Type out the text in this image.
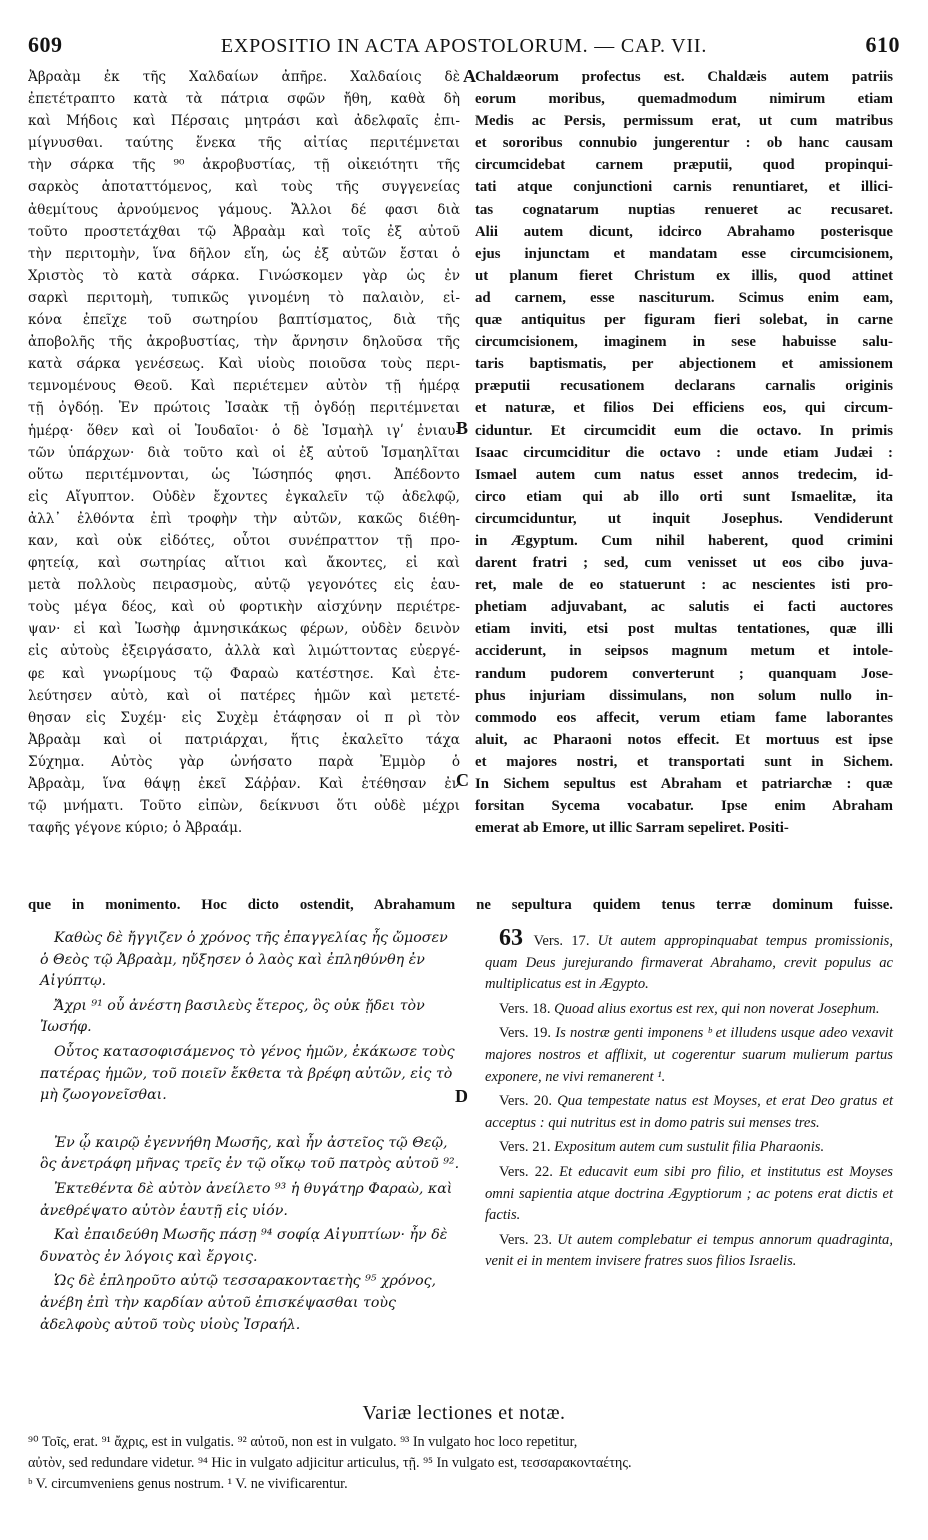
609	EXPOSITIO IN ACTA APOSTOLORUM. — CAP. VII.	610
Ἀβραὰμ ἐκ τῆς Χαλδαίων ἀπῆρε. Χαλδαίοις δὲ
ἐπετέτραπτο κατὰ τὰ πάτρια σφῶν ἤθη, καθὰ δὴ
καὶ Μήδοις καὶ Πέρσαις μητράσι καὶ ἀδελφαῖς ἐπι-
μίγνυσθαι. ταύτης ἕνεκα τῆς αἰτίας περιτέμνεται
τὴν σάρκα τῆς ⁹⁰ ἀκροβυστίας, τῇ οἰκειότητι τῆς
σαρκὸς ἀποταττόμενος, καὶ τοὺς τῆς συγγενείας
ἀθεμίτους ἀρνούμενος γάμους. Ἄλλοι δέ φασι διὰ
τοῦτο προστετάχθαι τῷ Ἀβραὰμ καὶ τοῖς ἐξ αὐτοῦ
τὴν περιτομὴν, ἵνα δῆλον εἴη, ὡς ἐξ αὐτῶν ἔσται ὁ
Χριστὸς τὸ κατὰ σάρκα. Γινώσκομεν γὰρ ὡς ἐν
σαρκὶ περιτομὴ, τυπικῶς γινομένη τὸ παλαιὸν, εἰ-
κόνα ἐπεῖχε τοῦ σωτηρίου βαπτίσματος, διὰ τῆς
ἀποβολῆς τῆς ἀκροβυστίας, τὴν ἄρνησιν δηλοῦσα τῆς
κατὰ σάρκα γενέσεως. Καὶ υἱοὺς ποιοῦσα τοὺς περι-
τεμνομένους Θεοῦ. Καὶ περιέτεμεν αὐτὸν τῇ ἡμέρᾳ
τῇ ὀγδόῃ. Ἐν πρώτοις Ἰσαὰκ τῇ ὀγδόῃ περιτέμνεται
ἡμέρᾳ· ὅθεν καὶ οἱ Ἰουδαῖοι· ὁ δὲ Ἰσμαὴλ ιγʹ ἐνιαυ-
τῶν ὑπάρχων· διὰ τοῦτο καὶ οἱ ἐξ αὐτοῦ Ἰσμαηλῖται
οὕτω περιτέμνονται, ὡς Ἰώσηπός φησι. Ἀπέδοντο
εἰς Αἴγυπτον. Οὐδὲν ἔχοντες ἐγκαλεῖν τῷ ἀδελφῷ,
ἀλλ᾽ ἐλθόντα ἐπὶ τροφὴν τὴν αὐτῶν, κακῶς διέθη-
καν, καὶ οὐκ εἰδότες, οὗτοι συνέπραττον τῇ προ-
φητείᾳ, καὶ σωτηρίας αἴτιοι καὶ ἄκοντες, εἰ καὶ
μετὰ πολλοὺς πειρασμοὺς, αὐτῷ γεγονότες εἰς ἑαυ-
τοὺς μέγα δέος, καὶ οὐ φορτικὴν αἰσχύνην περιέτρε-
ψαν· εἰ καὶ Ἰωσὴφ ἀμνησικάκως φέρων, οὐδὲν δεινὸν
εἰς αὐτοὺς ἐξειργάσατο, ἀλλὰ καὶ λιμώττοντας εὐεργέ-
φε καὶ γνωρίμους τῷ Φαραὼ κατέστησε. Καὶ ἐτε-
λεύτησεν αὐτὸ, καὶ οἱ πατέρες ἡμῶν καὶ μετετέ-
θησαν εἰς Συχέμ· εἰς Συχὲμ ἐτάφησαν οἱ π ρὶ τὸν
Ἀβραὰμ καὶ οἱ πατριάρχαι, ἥτις ἐκαλεῖτο τάχα
Σύχημα. Αὐτὸς γὰρ ὠνήσατο παρὰ Ἐμμὸρ ὁ
Ἀβραὰμ, ἵνα θάψῃ ἐκεῖ Σάῤῥαν. Καὶ ἐτέθησαν ἐν
τῷ μνήματι. Τοῦτο εἰπὼν, δείκνυσι ὅτι οὐδὲ μέχρι
ταφῆς γέγονε κύριο; ὁ Ἀβραάμ.
Chaldæorum profectus est. Chaldæis autem patriis
eorum moribus, quemadmodum nimirum etiam
Medis ac Persis, permissum erat, ut cum matribus
et sororibus connubio jungerentur : ob hanc causam
circumcidebat carnem præputii, quod propinqui-
tati atque conjunctioni carnis renuntiaret, et illici-
tas cognatarum nuptias renueret ac recusaret.
Alii autem dicunt, idcirco Abrahamo posterisque
ejus injunctam et mandatam esse circumcisionem,
ut planum fieret Christum ex illis, quod attinet
ad carnem, esse nasciturum. Scimus enim eam,
quæ antiquitus per figuram fieri solebat, in carne
circumcisionem, imaginem in sese habuisse salu-
taris baptismatis, per abjectionem et amissionem
præputii recusationem declarans carnalis originis
et naturæ, et filios Dei efficiens eos, qui circum-
ciduntur. Et circumcidit eum die octavo. In primis
Isaac circumciditur die octavo : unde etiam Judæi :
Ismael autem cum natus esset annos tredecim, id-
circo etiam qui ab illo orti sunt Ismaelitæ, ita
circumciduntur, ut inquit Josephus. Vendiderunt
in Ægyptum. Cum nihil haberent, quod crimini
darent fratri ; sed, cum venisset ut eos cibo juva-
ret, male de eo statuerunt : ac nescientes isti pro-
phetiam adjuvabant, ac salutis ei facti auctores
etiam inviti, etsi post multas tentationes, quæ illi
acciderunt, in seipsos magnum metum et intole-
randum pudorem converterunt ; quanquam Jose-
phus injuriam dissimulans, non solum nullo in-
commodo eos affecit, verum etiam fame laborantes
aluit, ac Pharaoni notos effecit. Et mortuus est ipse
et majores nostri, et transportati sunt in Sichem.
In Sichem sepultus est Abraham et patriarchæ : quæ
forsitan Sycema vocabatur. Ipse enim Abraham
emerat ab Emore, ut illic Sarram sepeliret. Positi-
A
B
C
D
que in monimento. Hoc dicto ostendit, Abrahamum ne sepultura quidem tenus terræ dominum fuisse.

Καθὼς δὲ ἤγγιζεν ὁ χρόνος τῆς ἐπαγγελίας ἧς ὤμοσεν ὁ Θεὸς τῷ Ἀβραὰμ, ηὔξησεν ὁ λαὸς καὶ ἐπληθύνθη ἐν Αἰγύπτῳ.

Ἄχρι ⁹¹ οὗ ἀνέστη βασιλεὺς ἕτερος, ὃς οὐκ ᾔδει τὸν Ἰωσήφ.

Οὗτος κατασοφισάμενος τὸ γένος ἡμῶν, ἐκάκωσε τοὺς πατέρας ἡμῶν, τοῦ ποιεῖν ἔκθετα τὰ βρέφη αὐτῶν, εἰς τὸ μὴ ζωογονεῖσθαι.

Ἐν ᾧ καιρῷ ἐγεννήθη Μωσῆς, καὶ ἦν ἀστεῖος τῷ Θεῷ, ὃς ἀνετράφη μῆνας τρεῖς ἐν τῷ οἴκῳ τοῦ πατρὸς αὐτοῦ ⁹².

Ἐκτεθέντα δὲ αὐτὸν ἀνείλετο ⁹³ ἡ θυγάτηρ Φαραὼ, καὶ ἀνεθρέψατο αὐτὸν ἑαυτῇ εἰς υἱόν.

Καὶ ἐπαιδεύθη Μωσῆς πάσῃ ⁹⁴ σοφίᾳ Αἰγυπτίων· ἦν δὲ δυνατὸς ἐν λόγοις καὶ ἔργοις.

Ὡς δὲ ἐπληροῦτο αὐτῷ τεσσαρακονταετὴς ⁹⁵ χρόνος, ἀνέβη ἐπὶ τὴν καρδίαν αὐτοῦ ἐπισκέψασθαι τοὺς ἀδελφοὺς αὐτοῦ τοὺς υἱοὺς Ἰσραήλ.

63 Vers. 17. Ut autem appropinquabat tempus promissionis, quam Deus jurejurando firmaverat Abrahamo, crevit populus ac multiplicatus est in Ægypto.

Vers. 18. Quoad alius exortus est rex, qui non noverat Josephum.

Vers. 19. Is nostræ genti imponens ᵇ et illudens usque adeo vexavit majores nostros et afflixit, ut cogerentur suarum mulierum partus exponere, ne vivi remanerent ¹.

Vers. 20. Qua tempestate natus est Moyses, et erat Deo gratus et acceptus : qui nutritus est in domo patris sui menses tres.

Vers. 21. Expositum autem cum sustulit filia Pharaonis.

Vers. 22. Et educavit eum sibi pro filio, et institutus est Moyses omni sapientia atque doctrina Ægyptiorum ; ac potens erat dictis et factis.

Vers. 23. Ut autem complebatur ei tempus annorum quadraginta, venit ei in mentem invisere fratres suos filios Israelis.

Variæ lectiones et notæ.

⁹⁰ Τοῖς, erat. ⁹¹ ἄχρις, est in vulgatis. ⁹² αὐτοῦ, non est in vulgato. ⁹³ In vulgato hoc loco repetitur,

αὐτὸν, sed redundare videtur. ⁹⁴ Hic in vulgato adjicitur articulus, τῇ. ⁹⁵ In vulgato est, τεσσαρακονταέτης.

ᵇ V. circumveniens genus nostrum. ¹ V. ne vivificarentur.
